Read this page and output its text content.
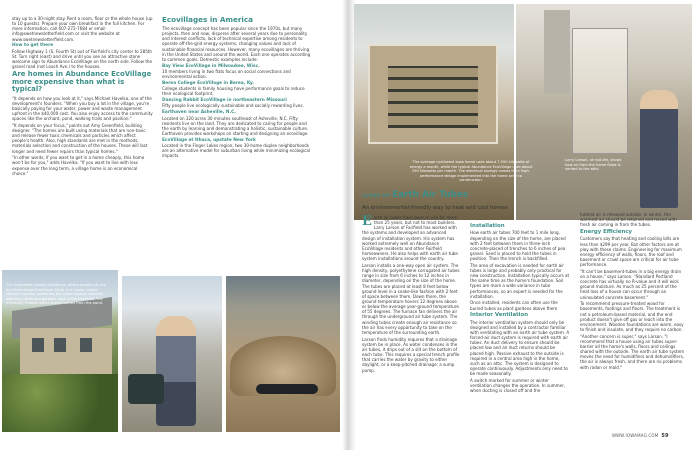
stay up to a 30-night stay. Rent a room, floor or the whole house (up to 10 guests). Prepare your own breakfast in the full kitchen. For more information, call 607-272-7684 or email info@swetnewsletterfield.com or visit the website at www.swetnewsletterfield.com.

How to get there

Follow Highway 1 (S. Fourth St) out of Fairfield's city center to 285th St. Turn right (east) and drive until you see an attractive stone welcome sign to Abundance EcoVillage on the north side. Follow the gravel road (not Leach Ave.) to the houses.

Are homes in Abundance EcoVillage more expensive than what is typical?

"It depends on how you look at it," says Michael Havelka, one of the development's founders. "When you buy a lot in the village, you're basically paying for your water, power and waste management upfront in the $40,000 cost. You also enjoy access to the community spaces like the orchard, pond, walking trails and pavilion."

"It depends on your focus," points out Amy Greenfield, building designer. "The homes are built using materials that are non-toxic and release fewer toxic chemicals and particles which affect people's health. Also, high standards are met in the methods, materials selection and construction of the houses. These will last longer and need fewer repairs than typical homes."

"In other words, if you want to get in a home cheaply, this home won't be for you," adds Havelka. "If you want to live with less expense over the long term, a village home is an economical choice."

Ecovillages in America

The ecovillage concept has been popular since the 1970s, but many projects, then and now, disperse after several years due to personality and interest conflicts, lack of technical expertise among residents to operate off-the-grid energy systems, changing values and lack of sustainable financial resources. However, many ecovillages are thriving in the United States and around the world. Each one operates according to common goals. Domestic examples include:

Bay View EcoVillage in Milwaukee, Wisc.

10 members living in two flats focus on social connections and environmental action.

Berea College EcoVillage in Berea, Ky.

College students in family housing have performance goals to reduce their ecological footprint.

Dancing Rabbit EcoVillage in northeastern Missouri

Fifty people live ecologically sustainable and socially rewarding lives.

Earthaven near Asheville, N.C.

Located on 320 acres 30 minutes southeast of Asheville, N.C. Fifty residents live on the land. They are dedicated to caring for people and the earth by learning and demonstrating a holistic, sustainable culture. Earthaven provides workshops on starting and designing an ecovillage.

EcoVillage at Ithaca, upstate New York

Located in the Finger Lakes region, two 30-home duplex neighborhoods are an alternative model for suburban living while minimizing ecological impacts.

The Greenfield-Lansky Residence, where guests can try out Abundance EcoVillage living, is a house, where Michael Havelka points out the water system used for watering yards and gardens, and in the trenches. The minimally treated water supply comes from the pond.
The average northwest Iowa home uses about 7,500 kilowatts of energy a month, while the typical Abundance EcoVillage uses about 250 kilowatts per month. The electrical savings comes from high-performance design implemented into the home prior to construction.
Larry Larson, at mid-life, shows how air from the home flows is vented to the attic.
CLOSE-UP Earth Air Tubes
An environmental-friendly way to heat and cool homes

Earth air tubes have been in use for more than 25 years, but not to most builders. Larry Larson of Fairfield has worked with the systems and developed an advanced design of installation system. His system has worked extremely well on Abundance EcoVillage residents and other Fairfield homeowners. He also helps with earth air tube system installations around the country.

Larson installs a one-way open air system. The high density, polyethylene corrugated air tubes range in size from 6 inches to 12 inches in diameter, depending on the size of the home. The tubes are placed at least 8 feet below ground level in a snake-like fashion with 2 feet of space between them. Down there, the ground temperature hovers 12 degrees above or below the average year-ground temperature of 55 degrees. The furnace fan delivers the air through the underground air tube system. The winding tubes create enough air resistance so the air has every opportunity to take on the temperature of the surrounding earth.

Larson finds humidity requires that a drainage system be in place. As water condenses in the air tubes, it drips out of a slit on the bottom of each tube. This requires a special trench profile that carries the water by gravity to either daylight, or a keep-pitched drainage; a sump pump.

Installation

How earth air tubes 700 feet to 1 mile long, depending on the size of the home, are placed with 2 feet between them in three-inch concrete-placed of trenches to 6 inches of pea gravel. Sand is placed to hold the tubes in position. Then the trench is backfilled.

The area of excavation is needed for earth air tubes is large and probably only practical for new construction. Installation typically occurs at the same time as the home's foundation. Soil types are more a wide variance in tube performances, so an expert is needed for the installation.

Once installed, residents can often use the buried tubes as plant gardens above them.

Interior Ventilation

The interior ventilation system should only be designed and installed by a contractor familiar with ventilating with an earth air tube system. A forced-air duct system is required with earth air tubes. An duct delivery to ensure should be placed low and air duct returns should be placed high. Passive exhaust to the outside is required in a central area high in the home, such as an attic. The system is designed to operate continuously. Adjustments only need to be made seasonally.

A switch marked for summer or winter ventilation changes the operation. In summer, when ducting is closed off and the

hottest air is released outside. In winter, the warmest air should be retained and mixed with fresh air coming in from the tubes.

Energy Efficiency

Customers say that heating and cooling bills are less than $299 per year. But other factors are at play with these claims. Engineering for maximum energy efficiency of walls, floors, the roof and basement or crawl space are critical for air tube performance.

"It can't be basement-tubes in a big energy drain on a house," says Larson. "Standard Portland concrete has virtually no R-value and it will wick ground moisture. As much as 25 percent of the heat loss of a house can occur through an uninsulated concrete basement."

To recommend pressure-treated wood for basements, footings and floors. The treatment is not a petroleum-based material, and the end product doesn't give off gas or leach into the environment. Wooden foundations are warm, easy to finish and insulate, and they require no carbon.

"Another concern is super," says Larson. "I recommend that a house using air tubes super-barrier all the home's walls, floors and ceilings shared with the outside. The earth air tube system moves the need for humidifiers and dehumidifiers, the air is always fresh, and there are no problems with radon or mold."

WWW.IOWAMAG.COM 59
